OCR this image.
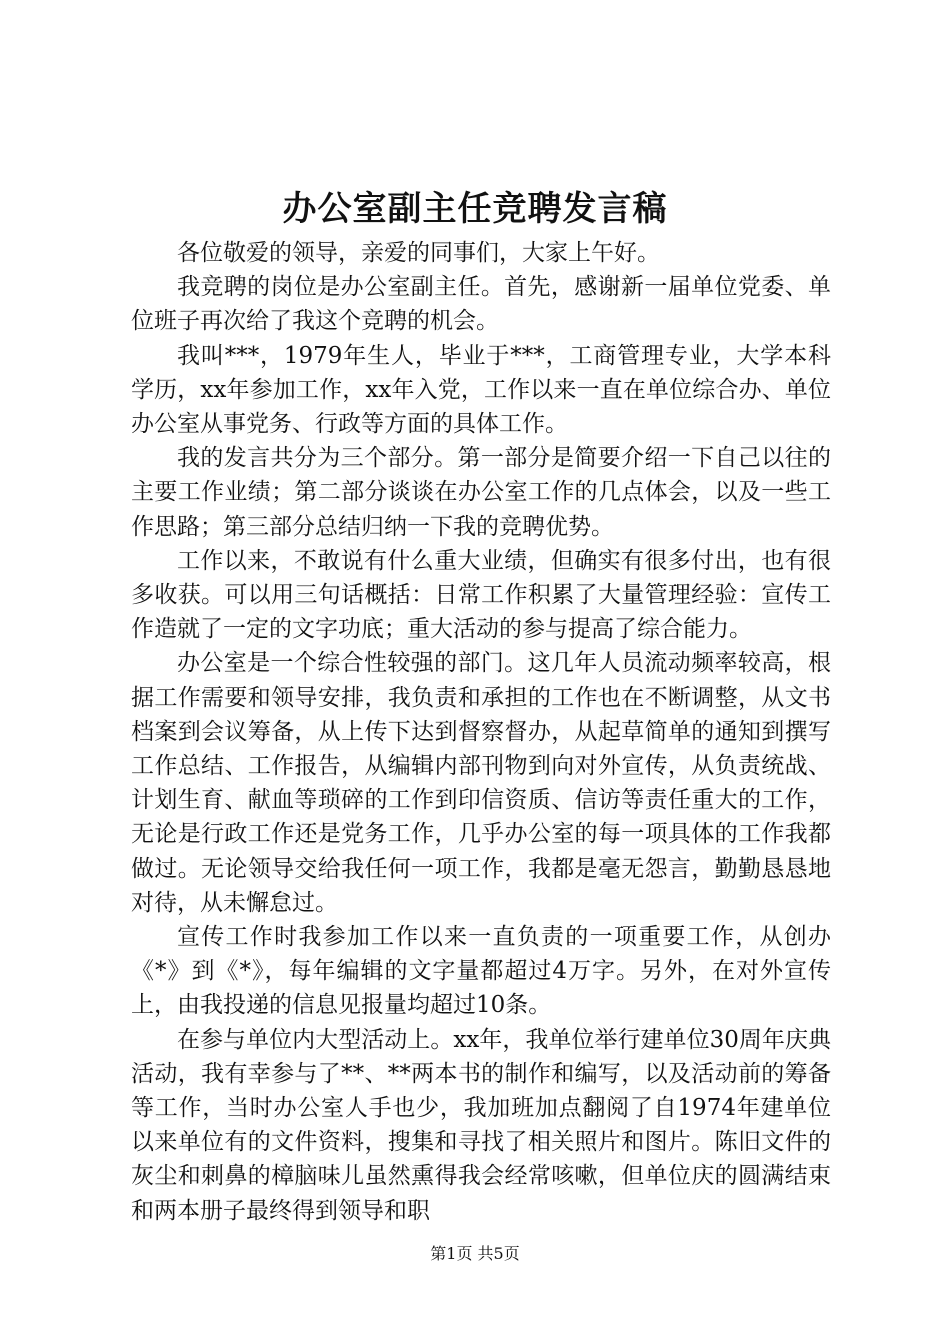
办公室副主任竞聘发言稿

各位敬爱的领导，亲爱的同事们，大家上午好。

我竞聘的岗位是办公室副主任。首先，感谢新一届单位党委、单位班子再次给了我这个竞聘的机会。

我叫***，1979年生人，毕业于***，工商管理专业，大学本科学历，xx年参加工作，xx年入党，工作以来一直在单位综合办、单位办公室从事党务、行政等方面的具体工作。

我的发言共分为三个部分。第一部分是简要介绍一下自己以往的主要工作业绩；第二部分谈谈在办公室工作的几点体会，以及一些工作思路；第三部分总结归纳一下我的竞聘优势。

工作以来，不敢说有什么重大业绩，但确实有很多付出，也有很多收获。可以用三句话概括：日常工作积累了大量管理经验：宣传工作造就了一定的文字功底；重大活动的参与提高了综合能力。

办公室是一个综合性较强的部门。这几年人员流动频率较高，根据工作需要和领导安排，我负责和承担的工作也在不断调整，从文书档案到会议筹备，从上传下达到督察督办，从起草简单的通知到撰写工作总结、工作报告，从编辑内部刊物到向对外宣传，从负责统战、计划生育、献血等琐碎的工作到印信资质、信访等责任重大的工作，无论是行政工作还是党务工作，几乎办公室的每一项具体的工作我都做过。无论领导交给我任何一项工作，我都是毫无怨言，勤勤恳恳地对待，从未懈怠过。

宣传工作时我参加工作以来一直负责的一项重要工作，从创办《*》到《*》，每年编辑的文字量都超过4万字。另外，在对外宣传上，由我投递的信息见报量均超过10条。

在参与单位内大型活动上。xx年，我单位举行建单位30周年庆典活动，我有幸参与了**、**两本书的制作和编写，以及活动前的筹备等工作，当时办公室人手也少，我加班加点翻阅了自1974年建单位以来单位有的文件资料，搜集和寻找了相关照片和图片。陈旧文件的灰尘和刺鼻的樟脑味儿虽然熏得我会经常咳嗽，但单位庆的圆满结束和两本册子最终得到领导和职

第1页 共5页
